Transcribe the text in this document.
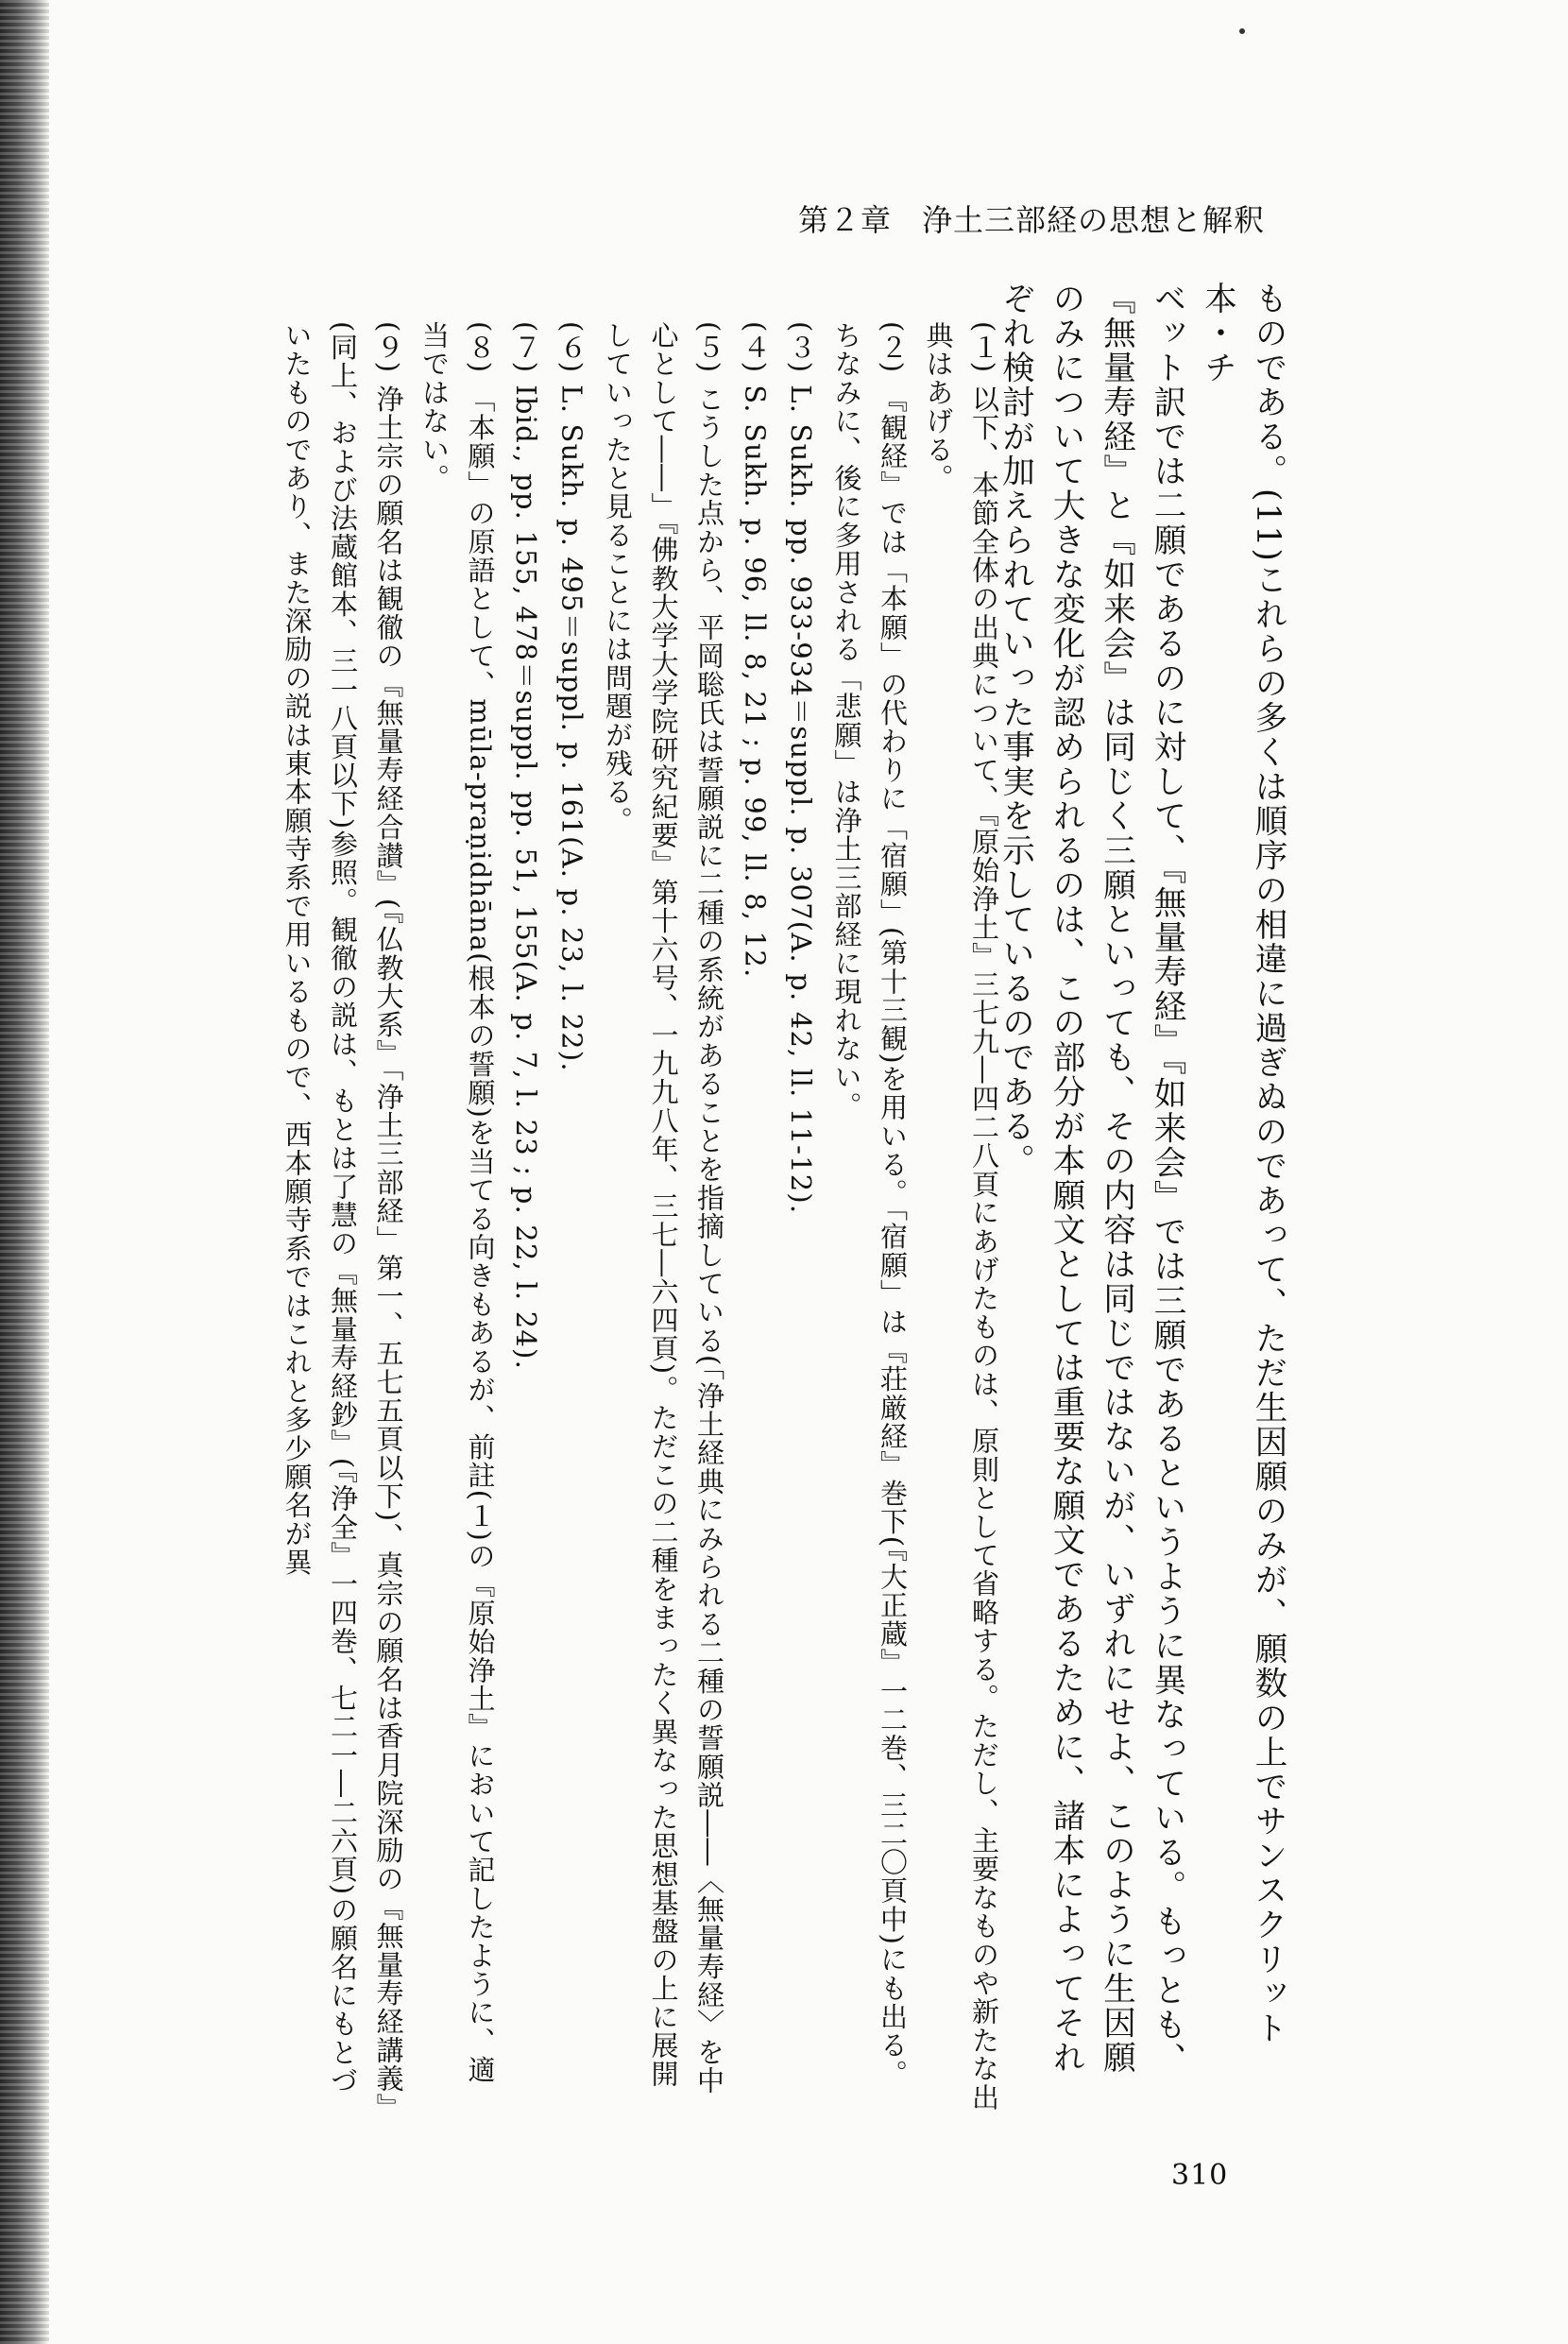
第２章 浄土三部経の思想と解釈

ものである。(11)これらの多くは順序の相違に過ぎぬのであって、ただ生因願のみが、願数の上でサンスクリット本・チ

ベット訳では二願であるのに対して、『無量寿経』『如来会』では三願であるというように異なっている。もっとも、

『無量寿経』と『如来会』は同じく三願といっても、その内容は同じではないが、いずれにせよ、このように生因願

のみについて大きな変化が認められるのは、この部分が本願文としては重要な願文であるために、諸本によってそれ

ぞれ検討が加えられていった事実を示しているのである。

(１)以下、本節全体の出典について、『原始浄土』三七九―四二八頁にあげたものは、原則として省略する。ただし、主要なものや新たな出典はあげる。

(２)『観経』では「本願」の代わりに「宿願」(第十三観)を用いる。「宿願」は『荘厳経』巻下(『大正蔵』一二巻、三二〇頁中)にも出る。ちなみに、後に多用される「悲願」は浄土三部経に現れない。

(３)L. Sukh. pp. 933-934＝suppl. p. 307(A. p. 42, ll. 11-12).

(４)S. Sukh. p. 96, ll. 8, 21 ; p. 99, ll. 8, 12.

(５)こうした点から、平岡聡氏は誓願説に二種の系統があることを指摘している(「浄土経典にみられる二種の誓願説――〈無量寿経〉を中心として――」『佛教大学大学院研究紀要』第十六号、一九九八年、三七―六四頁)。ただこの二種をまったく異なった思想基盤の上に展開していったと見ることには問題が残る。

(６)L. Sukh. p. 495＝suppl. p. 161(A. p. 23, l. 22).

(７)Ibid., pp. 155, 478＝suppl. pp. 51, 155(A. p. 7, l. 23 ; p. 22, l. 24).

(８)「本願」の原語として、mūla-praṇidhāna(根本の誓願)を当てる向きもあるが、前註(１)の『原始浄土』において記したように、適当ではない。

(９)浄土宗の願名は観徹の『無量寿経合讃』(『仏教大系』「浄土三部経」第一、五七五頁以下)、真宗の願名は香月院深励の『無量寿経講義』(同上、および法蔵館本、三一八頁以下)参照。観徹の説は、もとは了慧の『無量寿経鈔』(『浄全』一四巻、七二一―二六頁)の願名にもとづいたものであり、また深励の説は東本願寺系で用いるもので、西本願寺系ではこれと多少願名が異

310
